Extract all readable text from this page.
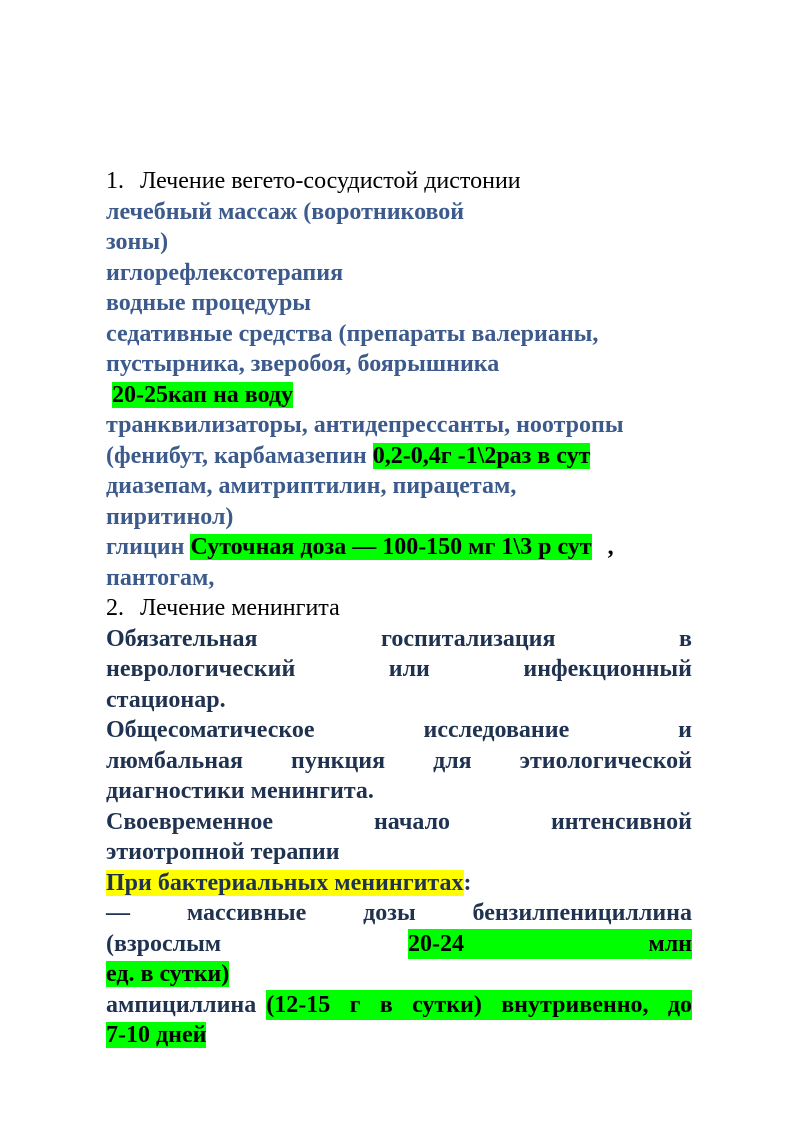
1. Лечение вегето-сосудистой дистонии
лечебный массаж (воротниковой
зоны)
иглорефлексотерапия
водные процедуры
седативные средства (препараты валерианы,
пустырника, зверобоя, боярышника
20-25кап на воду
транквилизаторы, антидепрессанты, ноотропы
(фенибут, карбамазепин 0,2-0,4г -1\2раз в сут
диазепам, амитриптилин, пирацетам,
пиритинол)
глицин Суточная доза — 100-150 мг 1\3 р сут ,
пантогам,
2. Лечение менингита
Обязательная	госпитализация	в
неврологический	или	инфекционный
стационар.
Общесоматическое	исследование	и
люмбальная пункция для этиологической
диагностики менингита.
Своевременное	начало	интенсивной
этиотропной терапии
При бактериальных менингитах:
— массивные дозы бензилпенициллина
(взрослым	20-24	млн
ед. в сутки)
ампициллина (12-15 г в сутки) внутривенно, до
7-10 дней
